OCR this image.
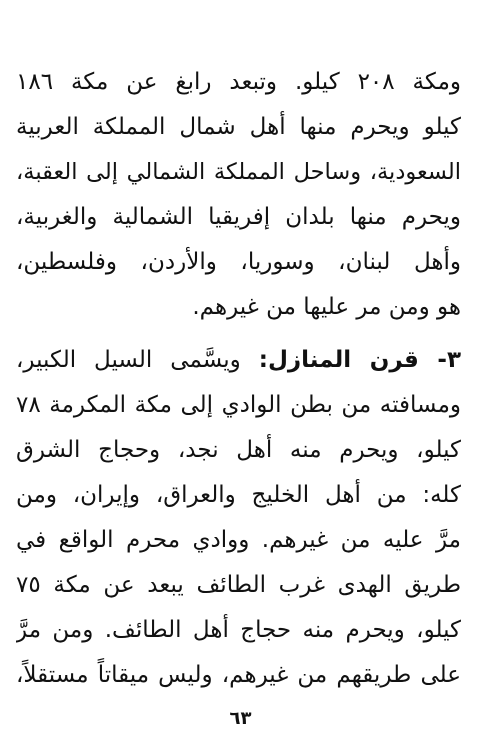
ومكة ٢٠٨ كيلو. وتبعد رابغ عن مكة ١٨٦
كيلو ويحرم منها أهل شمال المملكة العربية
السعودية، وساحل المملكة الشمالي إلى العقبة،
ويحرم منها بلدان إفريقيا الشمالية والغربية،
وأهل لبنان، وسوريا، والأردن، وفلسطين،
هو ومن مر عليها من غيرهم.
٣- قرن المنازل: ويسَّمى السيل الكبير،
ومسافته من بطن الوادي إلى مكة المكرمة ٧٨
كيلو، ويحرم منه أهل نجد، وحجاج الشرق
كله: من أهل الخليج والعراق، وإيران، ومن
مرَّ عليه من غيرهم. ووادي محرم الواقع في
طريق الهدى غرب الطائف يبعد عن مكة ٧٥
كيلو، ويحرم منه حجاج أهل الطائف. ومن مرَّ
على طريقهم من غيرهم، وليس ميقاتاً مستقلاً،
٦٣
